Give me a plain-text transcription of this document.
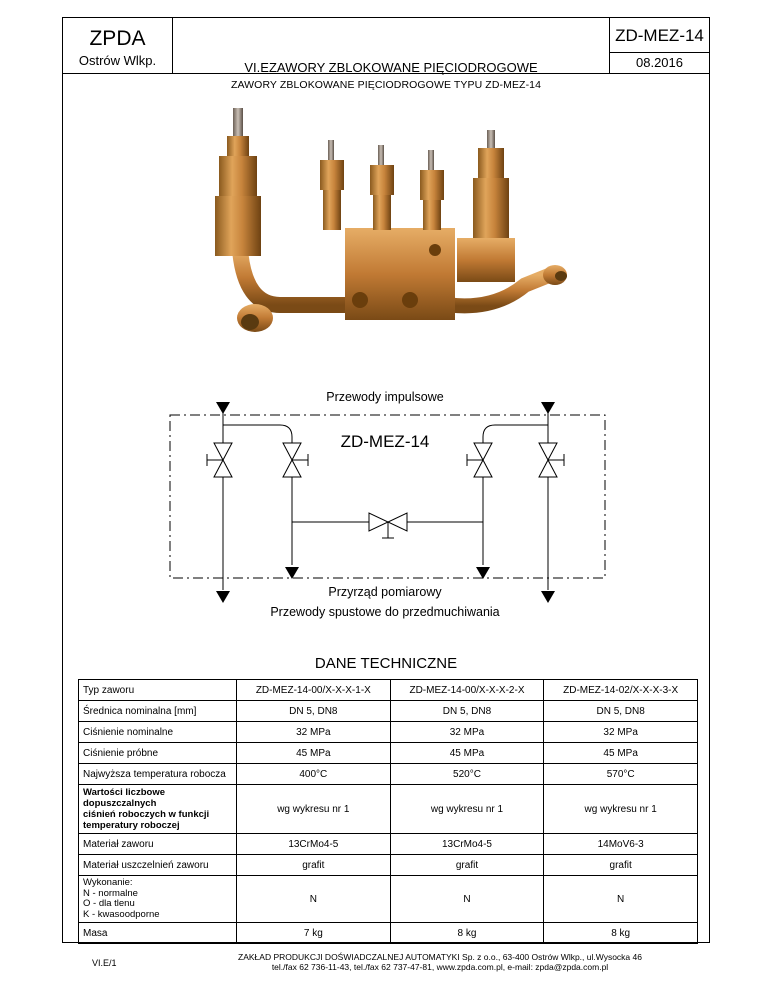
ZPDA
Ostrów Wlkp.	VI.EZAWORY ZBLOKOWANE PIĘCIODROGOWE
ZD-MEZ-14
08.2016
ZAWORY ZBLOKOWANE PIĘCIODROGOWE TYPU ZD-MEZ-14
Przewody impulsowe
ZD-MEZ-14
Przyrząd pomiarowy
Przewody spustowe do przedmuchiwania
DANE TECHNICZNE
Typ zaworu	ZD-MEZ-14-00/X-X-X-1-X	ZD-MEZ-14-00/X-X-X-2-X	ZD-MEZ-14-02/X-X-X-3-X
Średnica nominalna [mm]	DN 5, DN8	DN 5, DN8	DN 5, DN8
Ciśnienie nominalne	32 MPa	32 MPa	32 MPa
Ciśnienie próbne	45 MPa	45 MPa	45 MPa
Najwyższa temperatura robocza	400°C	520°C	570°C

Wartości liczbowe dopuszczalnych
ciśnień roboczych w funkcji
temperatury roboczej	wg wykresu nr 1	wg wykresu nr 1	wg wykresu nr 1
Materiał zaworu	13CrMo4-5	13CrMo4-5	14MoV6-3
Materiał uszczelnień zaworu	grafit	grafit	grafit

Wykonanie:
N - normalne
O - dla tlenu
K - kwasoodporne	N	N	N
Masa	7 kg	8 kg	8 kg
VI.E/1
ZAKŁAD PRODUKCJI DOŚWIADCZALNEJ AUTOMATYKI Sp. z o.o., 63-400 Ostrów Wlkp., ul.Wysocka 46
tel./fax 62 736-11-43, tel./fax 62 737-47-81, www.zpda.com.pl, e-mail: zpda@zpda.com.pl
